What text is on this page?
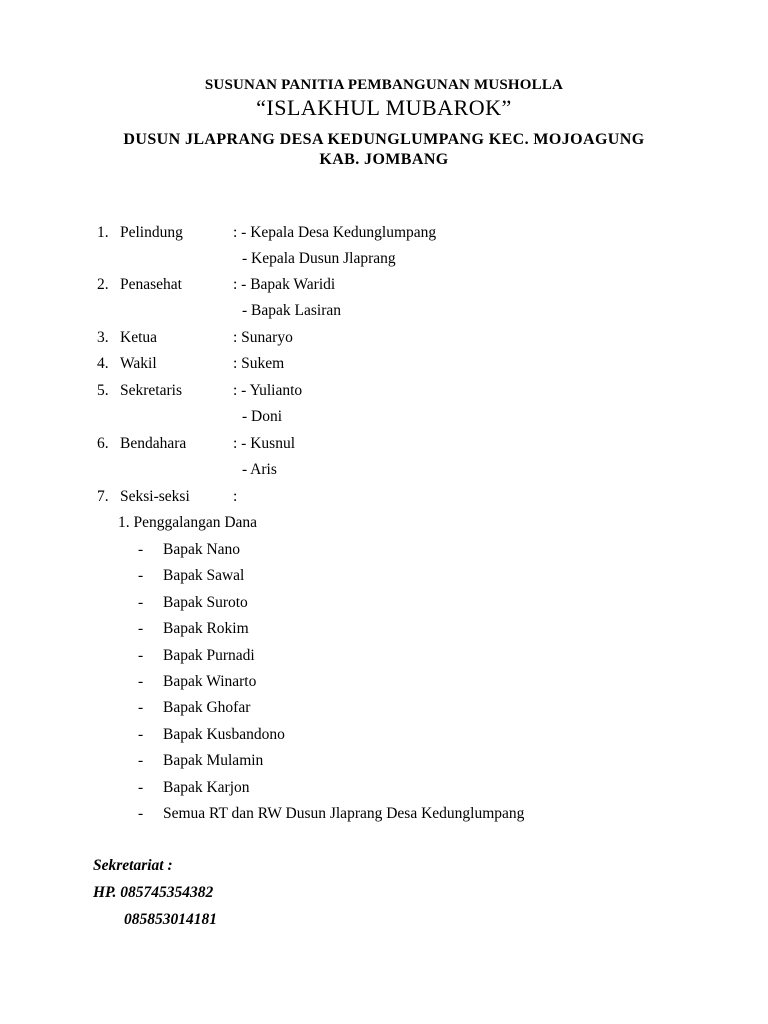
SUSUNAN PANITIA PEMBANGUNAN MUSHOLLA
“ISLAKHUL MUBAROK”
DUSUN JLAPRANG DESA KEDUNGLUMPANG KEC. MOJOAGUNG
KAB. JOMBANG
1. Pelindung	: - Kepala Desa Kedunglumpang
- Kepala Dusun Jlaprang
2. Penasehat	: - Bapak Waridi
- Bapak Lasiran
3. Ketua	: Sunaryo
4. Wakil	: Sukem
5. Sekretaris	: - Yulianto
- Doni
6. Bendahara	: - Kusnul
- Aris
7. Seksi-seksi	:
1. Penggalangan Dana
- Bapak Nano
- Bapak Sawal
- Bapak Suroto
- Bapak Rokim
- Bapak Purnadi
- Bapak Winarto
- Bapak Ghofar
- Bapak Kusbandono
- Bapak Mulamin
- Bapak Karjon
- Semua RT dan RW Dusun Jlaprang Desa Kedunglumpang
Sekretariat :
HP. 085745354382
085853014181
